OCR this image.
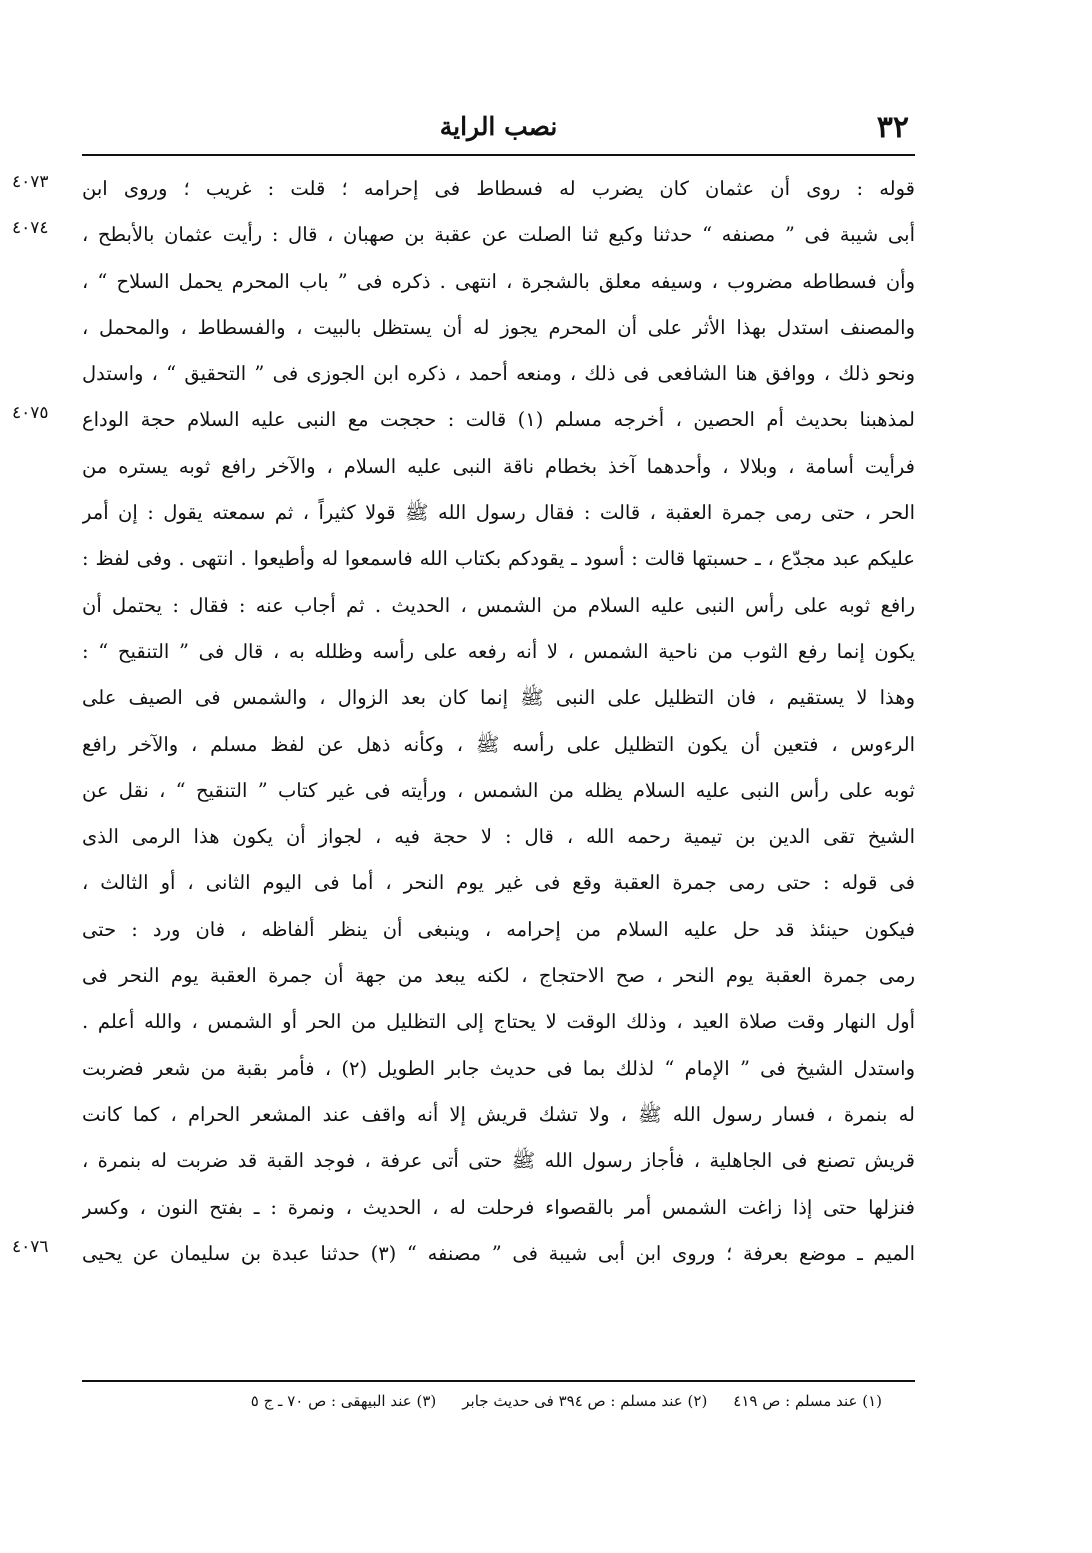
٣٢
نصب الراية
٤٠٧٣	قوله : روى أن عثمان كان يضرب له فسطاط فى إحرامه ؛ قلت : غريب ؛ وروى ابن
٤٠٧٤	أبى شيبة فى ” مصنفه “ حدثنا وكيع ثنا الصلت عن عقبة بن صهبان ، قال : رأيت عثمان بالأبطح ،
وأن فسطاطه مضروب ، وسيفه معلق بالشجرة ، انتهى . ذكره فى ” باب المحرم يحمل السلاح “ ،
والمصنف استدل بهذا الأثر على أن المحرم يجوز له أن يستظل بالبيت ، والفسطاط ، والمحمل ،
ونحو ذلك ، ووافق هنا الشافعى فى ذلك ، ومنعه أحمد ، ذكره ابن الجوزى فى ” التحقيق “ ، واستدل
٤٠٧٥	لمذهبنا بحديث أم الحصين ، أخرجه مسلم (١) قالت : حججت مع النبى عليه السلام حجة الوداع
فرأيت أسامة ، وبلالا ، وأحدهما آخذ بخطام ناقة النبى عليه السلام ، والآخر رافع ثوبه يستره من
الحر ، حتى رمى جمرة العقبة ، قالت : فقال رسول الله ﷺ قولا كثيراً ، ثم سمعته يقول : إن أمر
عليكم عبد مجدّع ، ـ حسبتها قالت : أسود ـ يقودكم بكتاب الله فاسمعوا له وأطيعوا . انتهى . وفى لفظ :
رافع ثوبه على رأس النبى عليه السلام من الشمس ، الحديث . ثم أجاب عنه : فقال : يحتمل أن
يكون إنما رفع الثوب من ناحية الشمس ، لا أنه رفعه على رأسه وظلله به ، قال فى ” التنقيح “ :
وهذا لا يستقيم ، فان التظليل على النبى ﷺ إنما كان بعد الزوال ، والشمس فى الصيف على
الرءوس ، فتعين أن يكون التظليل على رأسه ﷺ ، وكأنه ذهل عن لفظ مسلم ، والآخر رافع
ثوبه على رأس النبى عليه السلام يظله من الشمس ، ورأيته فى غير كتاب ” التنقيح “ ، نقل عن
الشيخ تقى الدين بن تيمية رحمه الله ، قال : لا حجة فيه ، لجواز أن يكون هذا الرمى الذى
فى قوله : حتى رمى جمرة العقبة وقع فى غير يوم النحر ، أما فى اليوم الثانى ، أو الثالث ،
فيكون حينئذ قد حل عليه السلام من إحرامه ، وينبغى أن ينظر ألفاظه ، فان ورد : حتى
رمى جمرة العقبة يوم النحر ، صح الاحتجاج ، لكنه يبعد من جهة أن جمرة العقبة يوم النحر فى
أول النهار وقت صلاة العيد ، وذلك الوقت لا يحتاج إلى التظليل من الحر أو الشمس ، والله أعلم .
واستدل الشيخ فى ” الإمام “ لذلك بما فى حديث جابر الطويل (٢) ، فأمر بقبة من شعر فضربت
له بنمرة ، فسار رسول الله ﷺ ، ولا تشك قريش إلا أنه واقف عند المشعر الحرام ، كما كانت
قريش تصنع فى الجاهلية ، فأجاز رسول الله ﷺ حتى أتى عرفة ، فوجد القبة قد ضربت له بنمرة ،
فنزلها حتى إذا زاغت الشمس أمر بالقصواء فرحلت له ، الحديث ، ونمرة : ـ بفتح النون ، وكسر
٤٠٧٦	الميم ـ موضع بعرفة ؛ وروى ابن أبى شيبة فى ” مصنفه “ (٣) حدثنا عبدة بن سليمان عن يحيى
(١) عند مسلم : ص ٤١٩(٢) عند مسلم : ص ٣٩٤ فى حديث جابر(٣) عند البيهقى : ص ٧٠ ـ ج ٥
